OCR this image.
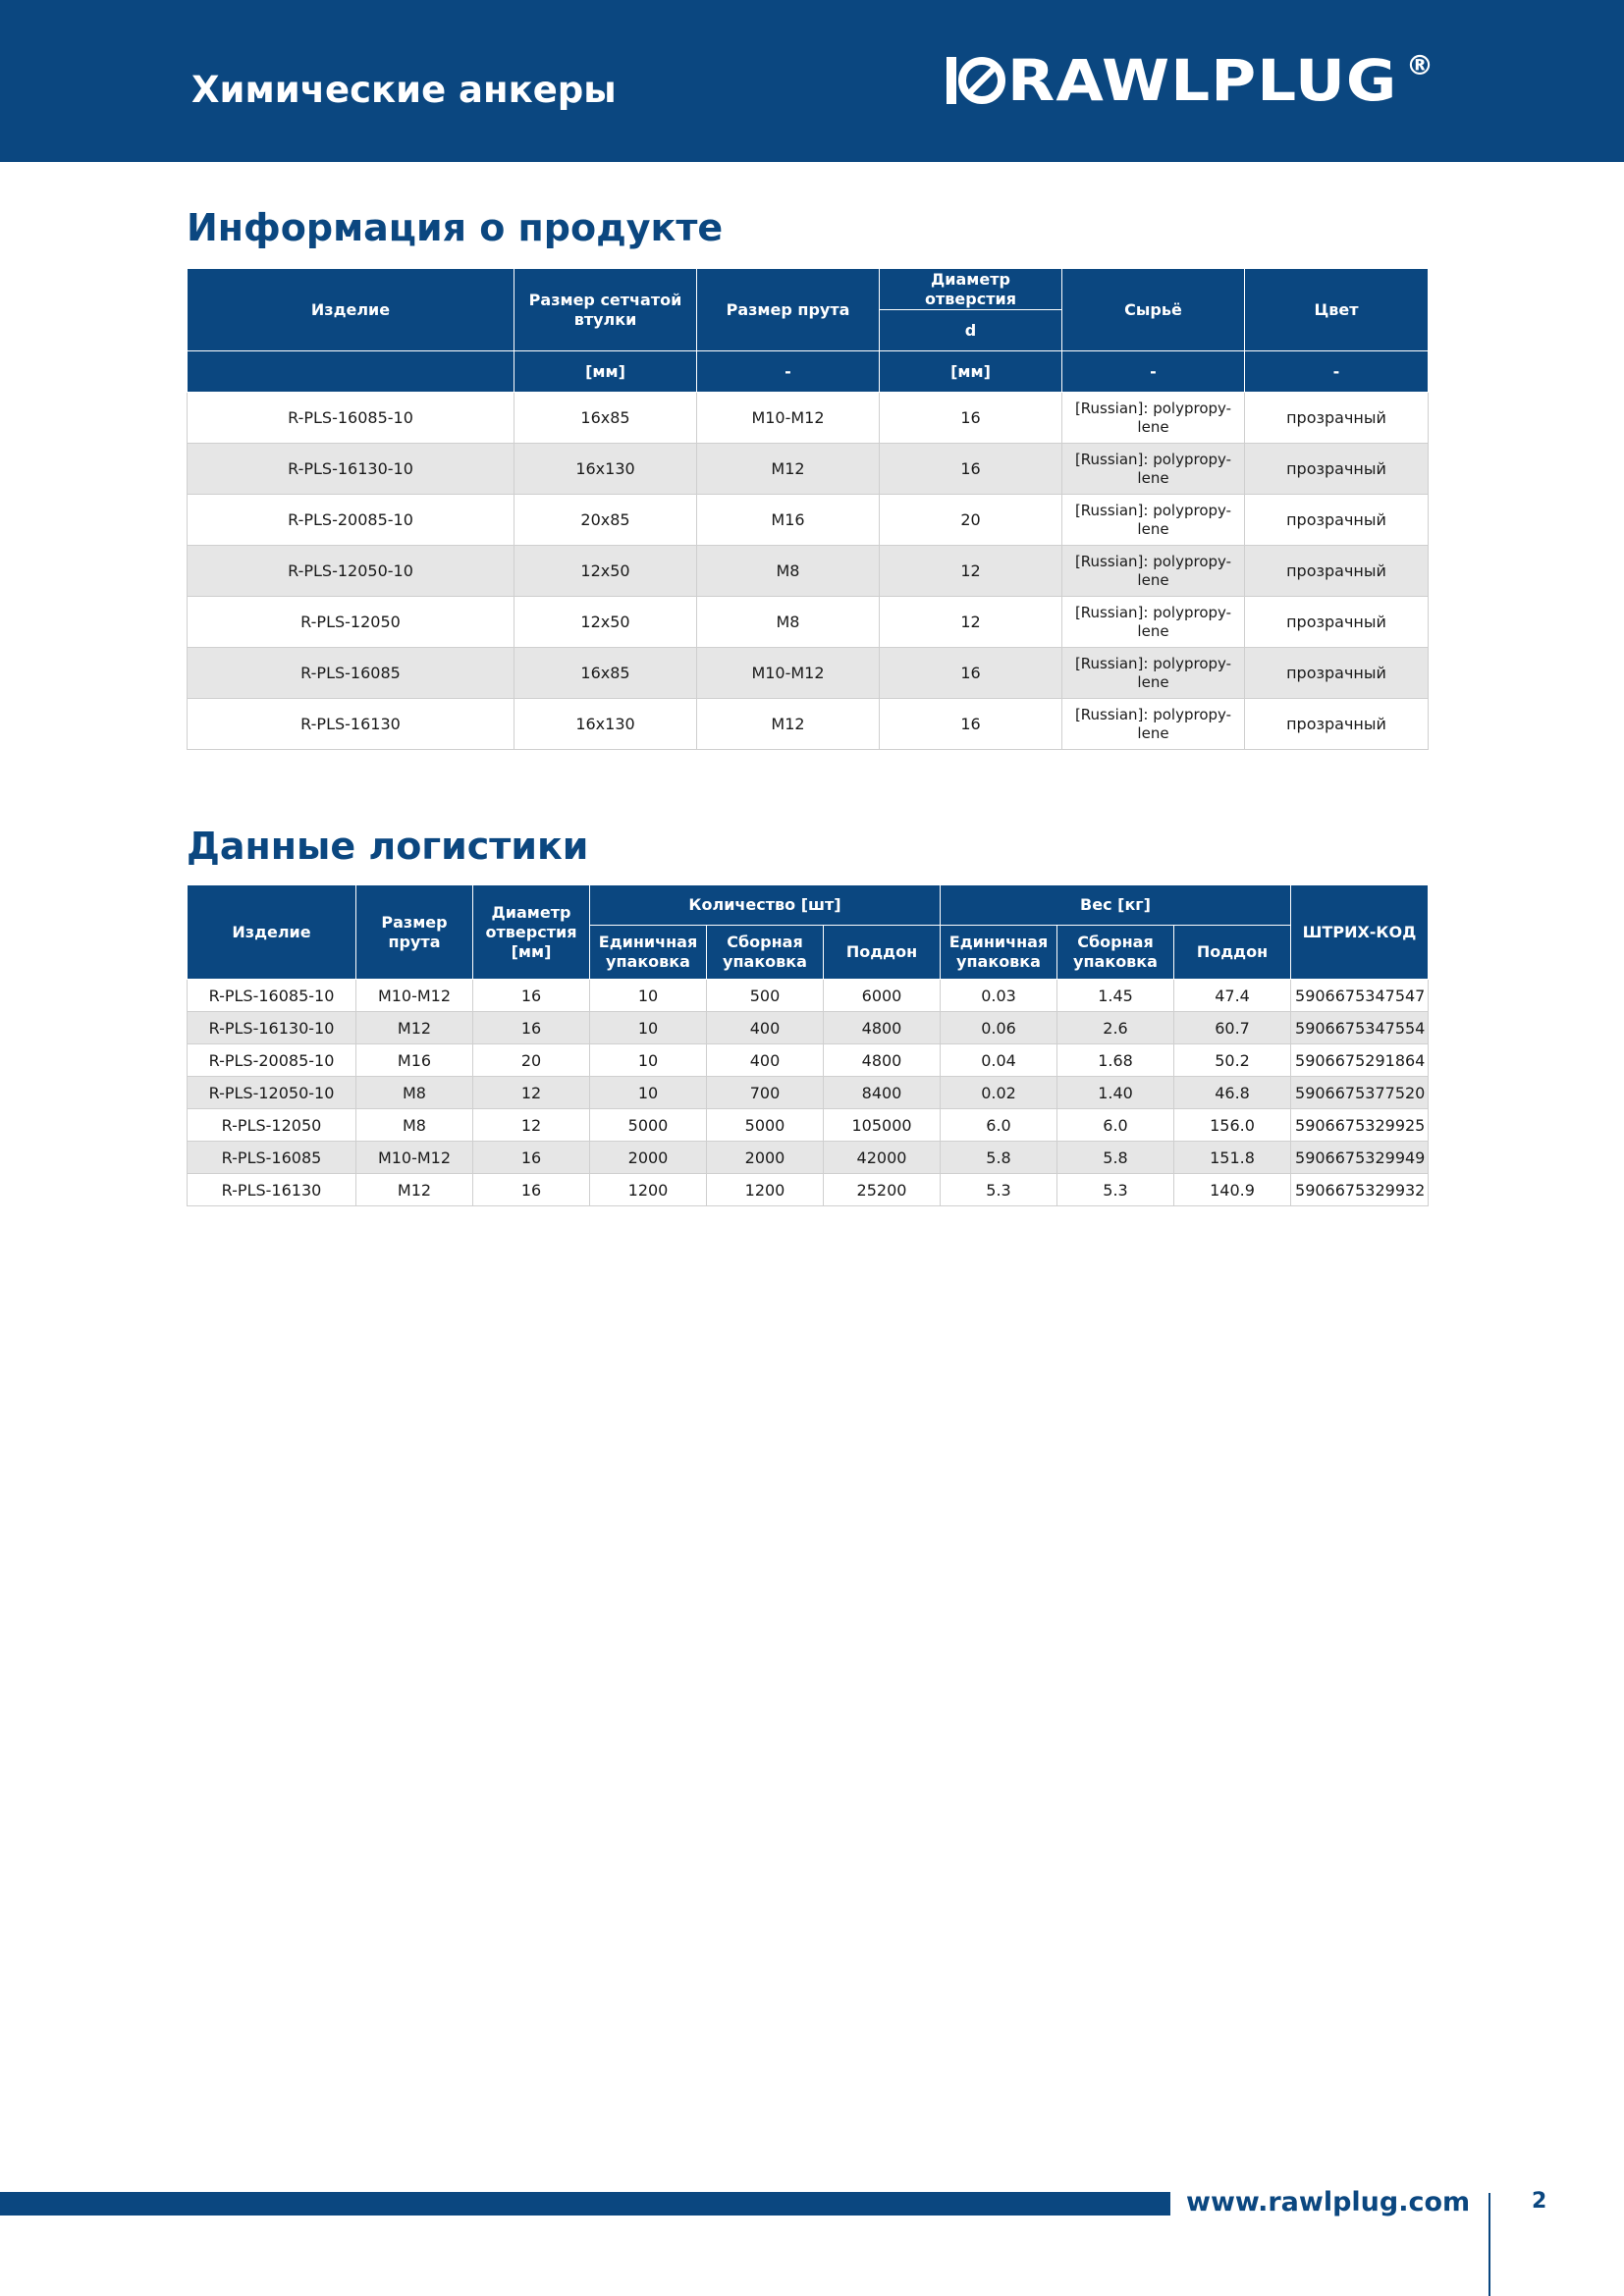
Химические анкеры	RAWLPLUG ®
Информация о продукте
Изделие	Размер сетчатой втулки	Размер прута	Диаметр отверстия	Сырьё	Цвет
			d		
	[мм]	-	[мм]	-	-
R-PLS-16085-10	16x85	M10-M12	16	[Russian]: polypropy-lene	прозрачный
R-PLS-16130-10	16x130	M12	16	[Russian]: polypropy-lene	прозрачный
R-PLS-20085-10	20x85	M16	20	[Russian]: polypropy-lene	прозрачный
R-PLS-12050-10	12x50	M8	12	[Russian]: polypropy-lene	прозрачный
R-PLS-12050	12x50	M8	12	[Russian]: polypropy-lene	прозрачный
R-PLS-16085	16x85	M10-M12	16	[Russian]: polypropy-lene	прозрачный
R-PLS-16130	16x130	M12	16	[Russian]: polypropy-lene	прозрачный
Данные логистики
Изделие	Размер прута	Диаметр отверстия [мм]	Количество [шт]			Вес [кг]			ШТРИХ-КОД
			Единичная упаковка	Сборная упаковка	Поддон	Единичная упаковка	Сборная упаковка	Поддон	
R-PLS-16085-10	M10-M12	16	10	500	6000	0.03	1.45	47.4	5906675347547
R-PLS-16130-10	M12	16	10	400	4800	0.06	2.6	60.7	5906675347554
R-PLS-20085-10	M16	20	10	400	4800	0.04	1.68	50.2	5906675291864
R-PLS-12050-10	M8	12	10	700	8400	0.02	1.40	46.8	5906675377520
R-PLS-12050	M8	12	5000	5000	105000	6.0	6.0	156.0	5906675329925
R-PLS-16085	M10-M12	16	2000	2000	42000	5.8	5.8	151.8	5906675329949
R-PLS-16130	M12	16	1200	1200	25200	5.3	5.3	140.9	5906675329932
www.rawlplug.com	2
